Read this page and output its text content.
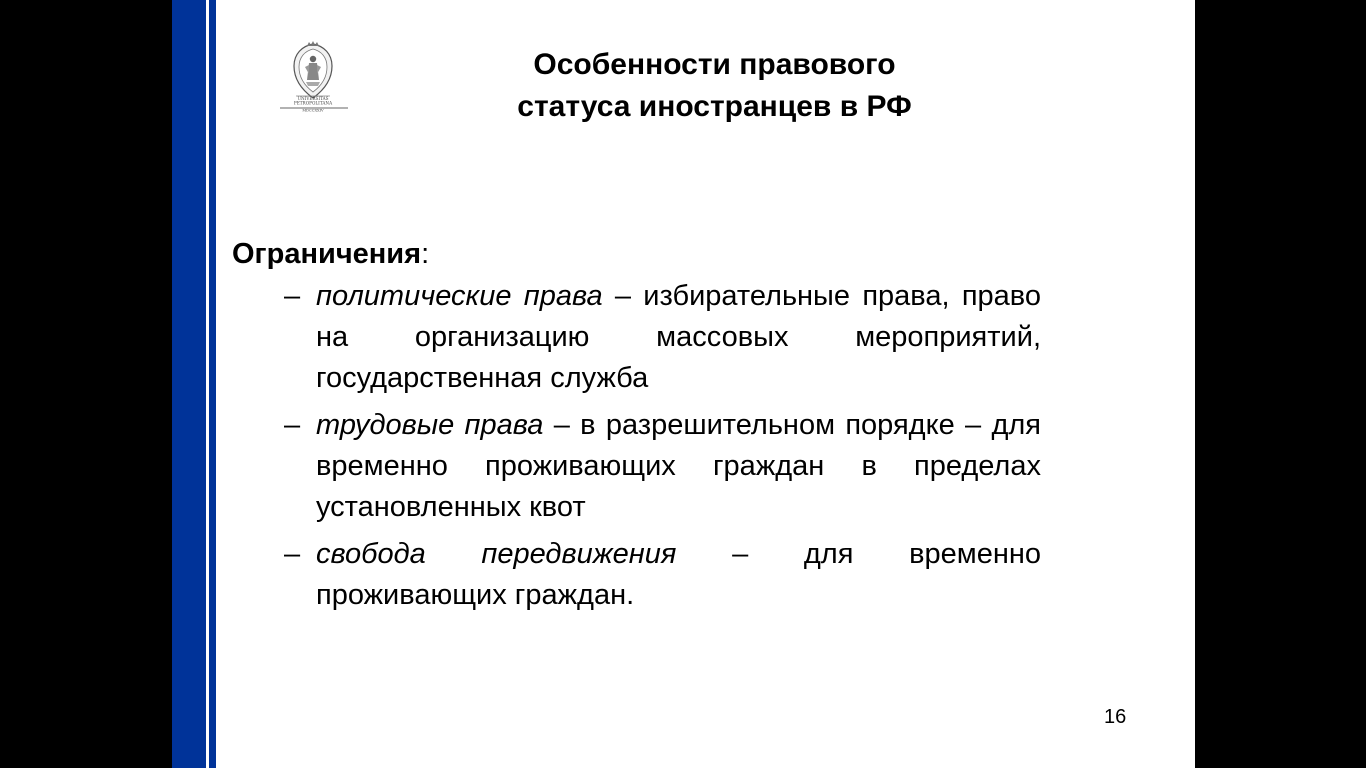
UNIVERSITAS
PETROPOLITANA
MDCCXXIV
Особенности правового
статуса иностранцев в РФ
Ограничения:
– политические права – избирательные права, право на организацию массовых мероприятий, государственная служба
– трудовые права – в разрешительном порядке – для временно проживающих граждан в пределах установленных квот
– свобода передвижения – для временно проживающих граждан.
16
